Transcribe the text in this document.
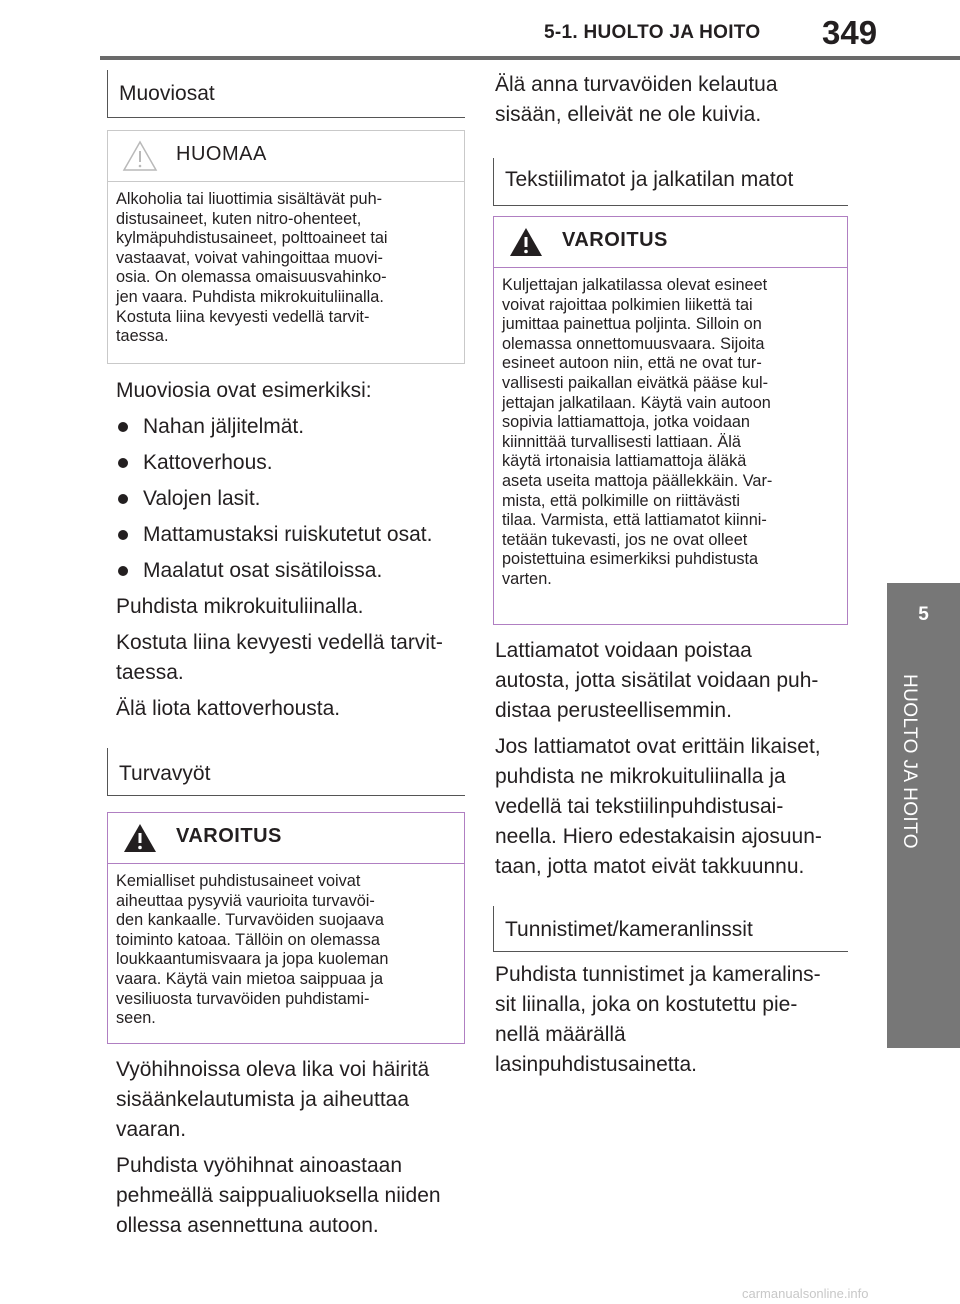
5-1. HUOLTO JA HOITO 349
5
HUOLTO JA HOITO
Muoviosat
HUOMAA
Alkoholia tai liuottimia sisältävät puh-
distusaineet, kuten nitro-ohenteet,
kylmäpuhdistusaineet, polttoaineet tai
vastaavat, voivat vahingoittaa muovi-
osia. On olemassa omaisuusvahinko-
jen vaara. Puhdista mikrokuituliinalla.
Kostuta liina kevyesti vedellä tarvit-
taessa.

Muoviosia ovat esimerkiksi:

Nahan jäljitelmät.
Kattoverhous.
Valojen lasit.
Mattamustaksi ruiskutetut osat.
Maalatut osat sisätiloissa.

Puhdista mikrokuituliinalla.

Kostuta liina kevyesti vedellä tarvit-
taessa.

Älä liota kattoverhousta.

Turvavyöt
VAROITUS
Kemialliset puhdistusaineet voivat
aiheuttaa pysyviä vaurioita turvavöi-
den kankaalle. Turvavöiden suojaava
toiminto katoaa. Tällöin on olemassa
loukkaantumisvaara ja jopa kuoleman
vaara. Käytä vain mietoa saippuaa ja
vesiliuosta turvavöiden puhdistami-
seen.

Vyöhihnoissa oleva lika voi häiritä
sisäänkelautumista ja aiheuttaa
vaaran.

Puhdista vyöhihnat ainoastaan
pehmeällä saippualiuoksella niiden
ollessa asennettuna autoon.

Älä anna turvavöiden kelautua
sisään, elleivät ne ole kuivia.

Tekstiilimatot ja jalkatilan matot
VAROITUS
Kuljettajan jalkatilassa olevat esineet
voivat rajoittaa polkimien liikettä tai
jumittaa painettua poljinta. Silloin on
olemassa onnettomuusvaara. Sijoita
esineet autoon niin, että ne ovat tur-
vallisesti paikallan eivätkä pääse kul-
jettajan jalkatilaan. Käytä vain autoon
sopivia lattiamattoja, jotka voidaan
kiinnittää turvallisesti lattiaan. Älä
käytä irtonaisia lattiamattoja äläkä
aseta useita mattoja päällekkäin. Var-
mista, että polkimille on riittävästi
tilaa. Varmista, että lattiamatot kiinni-
tetään tukevasti, jos ne ovat olleet
poistettuina esimerkiksi puhdistusta
varten.

Lattiamatot voidaan poistaa
autosta, jotta sisätilat voidaan puh-
distaa perusteellisemmin.

Jos lattiamatot ovat erittäin likaiset,
puhdista ne mikrokuituliinalla ja
vedellä tai tekstiilinpuhdistusai-
neella. Hiero edestakaisin ajosuun-
taan, jotta matot eivät takkuunnu.

Tunnistimet/kameranlinssit

Puhdista tunnistimet ja kameralins-
sit liinalla, joka on kostutettu pie-
nellä määrällä
lasinpuhdistusainetta.

carmanualsonline.info
